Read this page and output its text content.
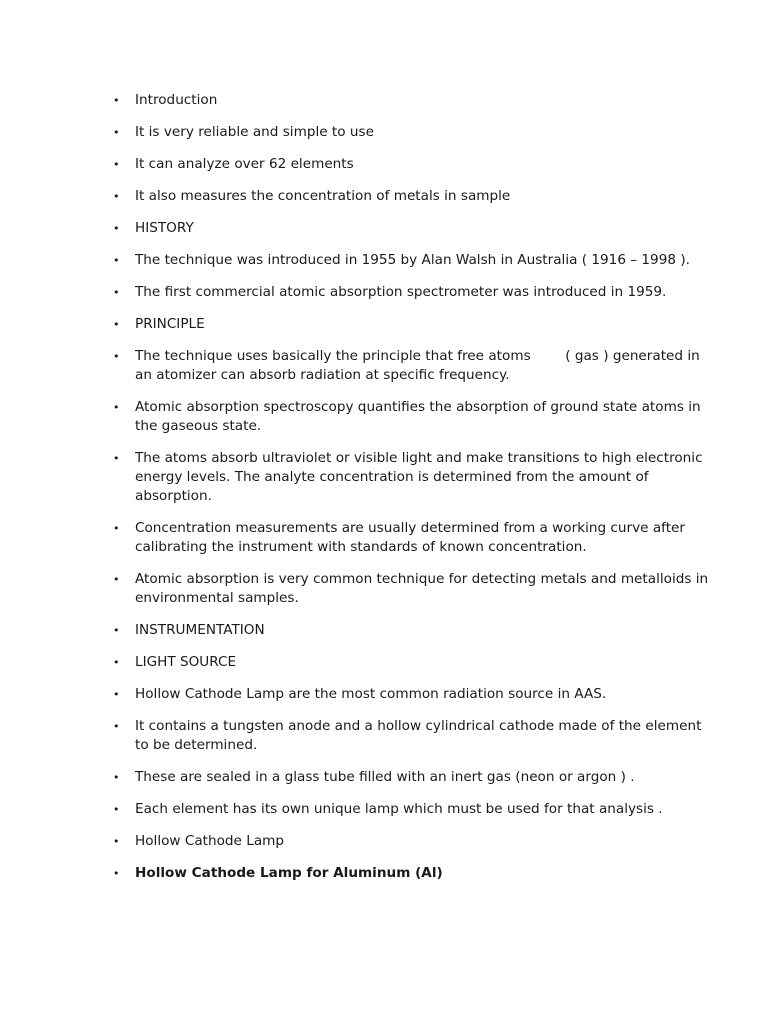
•	Introduction
•	It is very reliable and simple to use
•	It can analyze over 62 elements
•	It also measures the concentration of metals in sample
•	HISTORY
•	The technique was introduced in 1955 by Alan Walsh in Australia ( 1916 – 1998 ).
•	The first commercial atomic absorption spectrometer was introduced in 1959.
•	PRINCIPLE
•	The technique uses basically the principle that free atoms        ( gas ) generated in an atomizer can absorb radiation at specific frequency.
•	Atomic absorption spectroscopy quantifies the absorption of ground state atoms in the gaseous state.
•	The atoms absorb ultraviolet or visible light and make transitions to high electronic energy levels. The analyte concentration is determined from the amount of absorption.
•	Concentration measurements are usually determined from a working curve after calibrating the instrument with standards of known concentration.
•	Atomic absorption is very common technique for detecting metals and metalloids in environmental samples.
•	INSTRUMENTATION
•	LIGHT SOURCE
•	Hollow Cathode Lamp are the most common radiation source in AAS.
•	It contains a tungsten anode and a hollow cylindrical cathode made of the element to be determined.
•	These are sealed in a glass tube filled with an inert gas (neon or argon ) .
•	Each element has its own unique lamp which must be used for that analysis .
•	Hollow Cathode Lamp
•	Hollow Cathode Lamp for Aluminum (Al)
